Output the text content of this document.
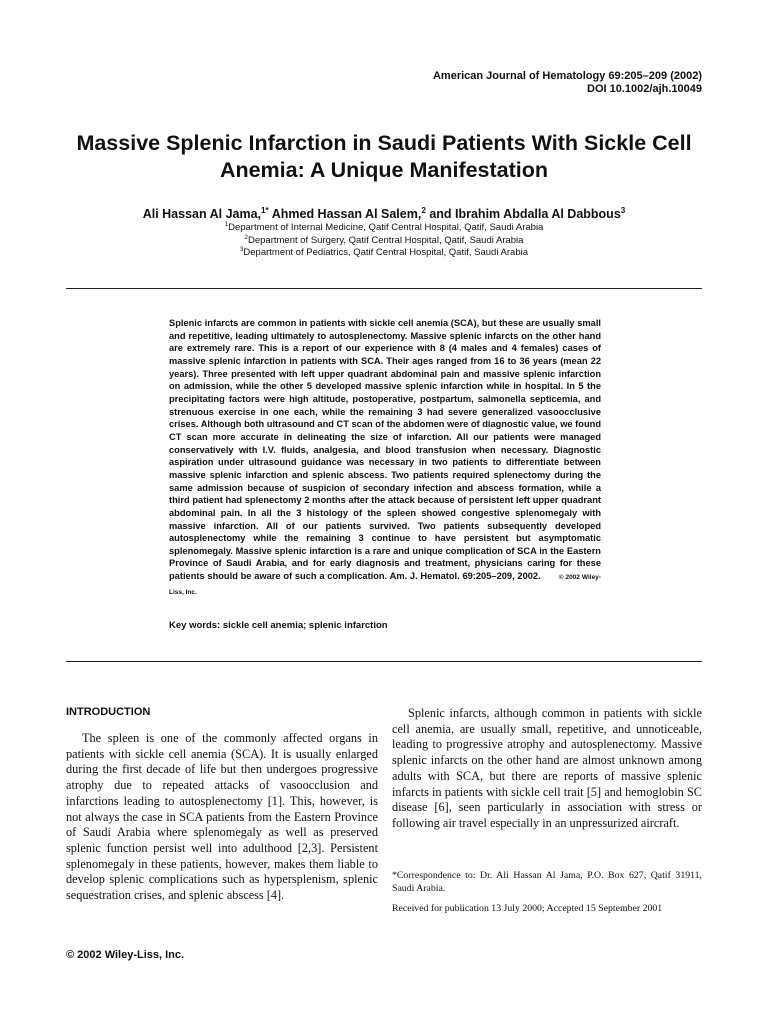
American Journal of Hematology 69:205–209 (2002)
DOI 10.1002/ajh.10049
Massive Splenic Infarction in Saudi Patients With Sickle Cell Anemia: A Unique Manifestation
Ali Hassan Al Jama,$^{1*}$ Ahmed Hassan Al Salem,$^2$ and Ibrahim Abdalla Al Dabbous$^3$
$^1$Department of Internal Medicine, Qatif Central Hospital, Qatif, Saudi Arabia
$^2$Department of Surgery, Qatif Central Hospital, Qatif, Saudi Arabia
$^3$Department of Pediatrics, Qatif Central Hospital, Qatif, Saudi Arabia

Splenic infarcts are common in patients with sickle cell anemia (SCA), but these are usually small and repetitive, leading ultimately to autosplenectomy. Massive splenic infarcts on the other hand are extremely rare. This is a report of our experience with 8 (4 males and 4 females) cases of massive splenic infarction in patients with SCA. Their ages ranged from 16 to 36 years (mean 22 years). Three presented with left upper quadrant abdominal pain and massive splenic infarction on admission, while the other 5 developed massive splenic infarction while in hospital. In 5 the precipitating factors were high altitude, postoperative, postpartum, salmonella septicemia, and strenuous exercise in one each, while the remaining 3 had severe generalized vasoocclusive crises. Although both ultrasound and CT scan of the abdomen were of diagnostic value, we found CT scan more accurate in delineating the size of infarction. All our patients were managed conservatively with I.V. fluids, analgesia, and blood transfusion when necessary. Diagnostic aspiration under ultrasound guidance was necessary in two patients to differentiate between massive splenic infarction and splenic abscess. Two patients required splenectomy during the same admission because of suspicion of secondary infection and abscess formation, while a third patient had splenectomy 2 months after the attack because of persistent left upper quadrant abdominal pain. In all the 3 histology of the spleen showed congestive splenomegaly with massive infarction. All of our patients survived. Two patients subsequently developed autosplenectomy while the remaining 3 continue to have persistent but asymptomatic splenomegaly. Massive splenic infarction is a rare and unique complication of SCA in the Eastern Province of Saudi Arabia, and for early diagnosis and treatment, physicians caring for these patients should be aware of such a complication. Am. J. Hematol. 69:205–209, 2002.	© 2002 Wiley-Liss, Inc.

Key words: sickle cell anemia; splenic infarction
INTRODUCTION

The spleen is one of the commonly affected organs in patients with sickle cell anemia (SCA). It is usually enlarged during the first decade of life but then undergoes progressive atrophy due to repeated attacks of vasoocclusion and infarctions leading to autosplenectomy [1]. This, however, is not always the case in SCA patients from the Eastern Province of Saudi Arabia where splenomegaly as well as preserved splenic function persist well into adulthood [2,3]. Persistent splenomegaly in these patients, however, makes them liable to develop splenic complications such as hypersplenism, splenic sequestration crises, and splenic abscess [4].

Splenic infarcts, although common in patients with sickle cell anemia, are usually small, repetitive, and unnoticeable, leading to progressive atrophy and autosplenectomy. Massive splenic infarcts on the other hand are almost unknown among adults with SCA, but there are reports of massive splenic infarcts in patients with sickle cell trait [5] and hemoglobin SC disease [6], seen particularly in association with stress or following air travel especially in an unpressurized aircraft.

*Correspondence to: Dr. Ali Hassan Al Jama, P.O. Box 627, Qatif 31911, Saudi Arabia.

Received for publication 13 July 2000; Accepted 15 September 2001

© 2002 Wiley-Liss, Inc.
